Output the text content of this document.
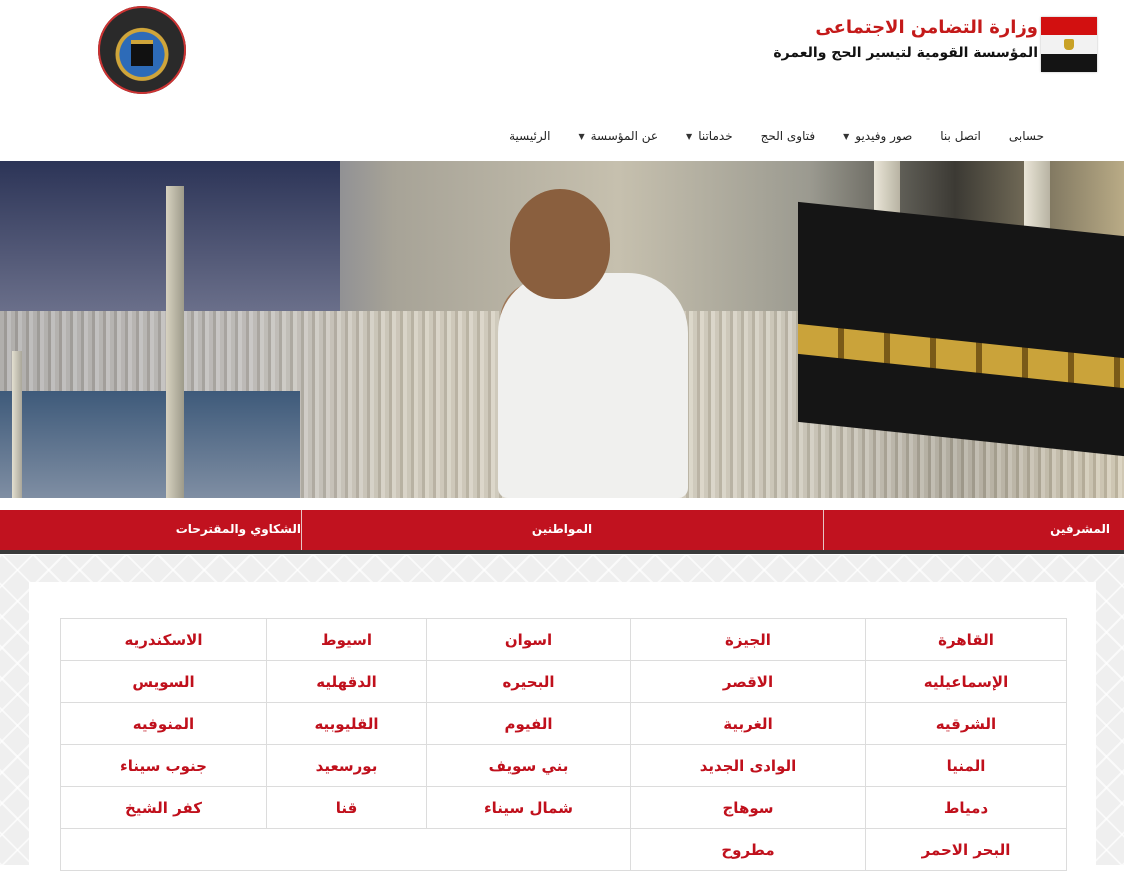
وزارة التضامن الاجتماعى
المؤسسة القومية لتيسير الحج والعمرة
الرئيسية	عن المؤسسة
▼	خدماتنا
▼	فتاوى الحج	صور وفيديو
▼	اتصل بنا حسابى
المشرفين
المواطنين
الشكاوي والمقترحات
القاهرة	الجيزة	اسوان	اسيوط	الاسكندريه
الإسماعيليه	الاقصر	البحيره	الدقهليه	السويس
الشرقيه	الغربية	الفيوم	القليوبيه	المنوفيه
المنيا	الوادى الجديد	بني سويف	بورسعيد	جنوب سيناء
دمياط	سوهاج	شمال سيناء	قنا	كفر الشيخ
البحر الاحمر	مطروح			
